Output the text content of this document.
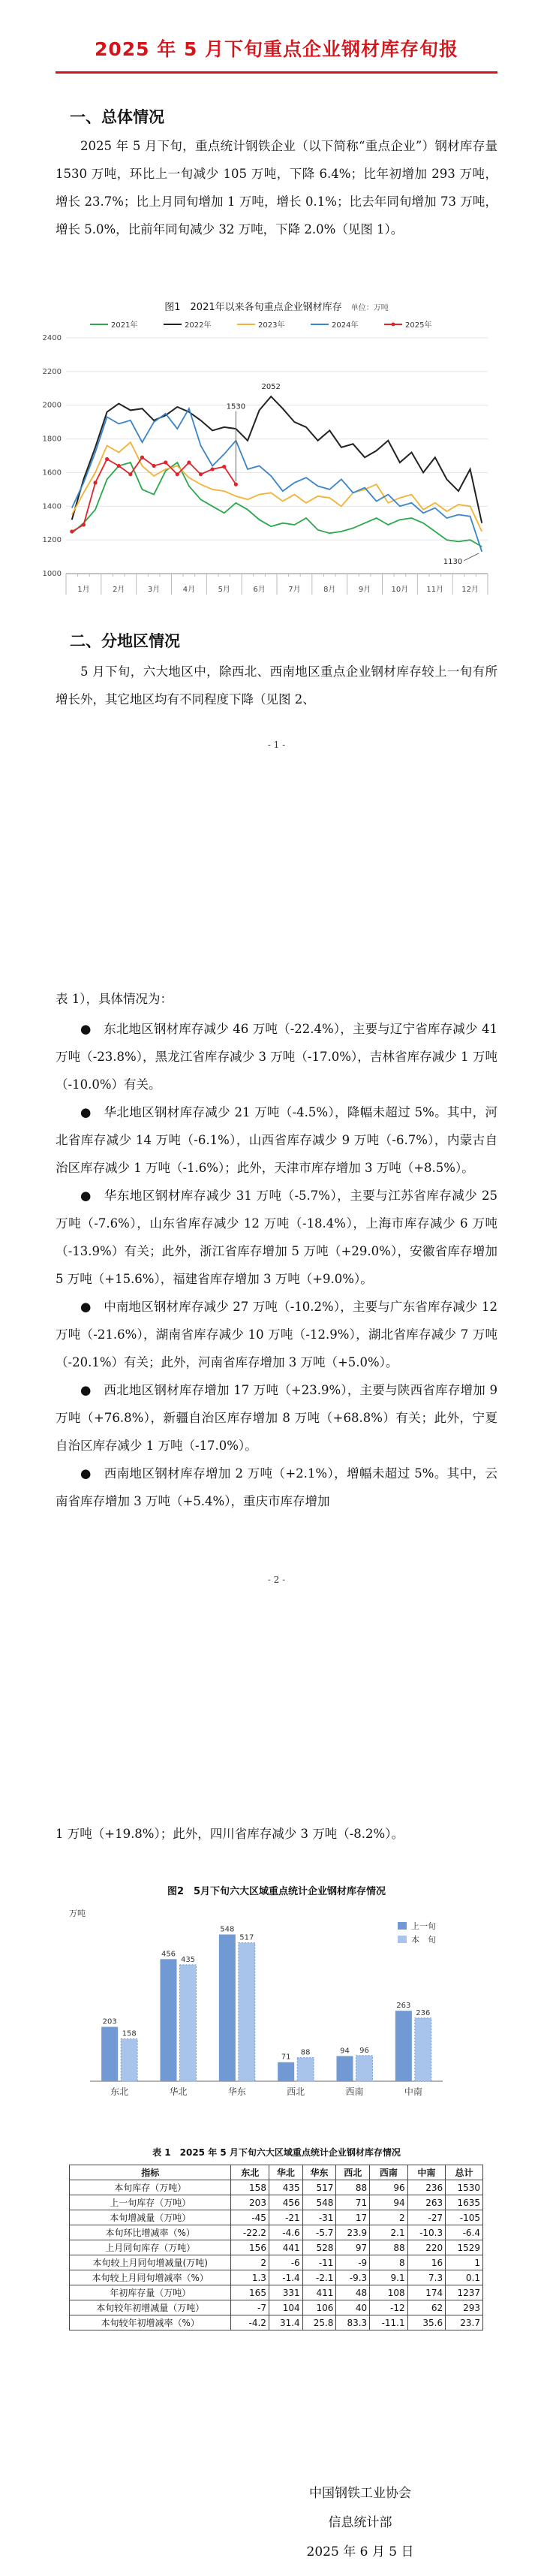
2025 年 5 月下旬重点企业钢材库存旬报
一、总体情况

2025 年 5 月下旬，重点统计钢铁企业（以下简称“重点企业”）钢材库存量 1530 万吨，环比上一旬减少 105 万吨，下降 6.4%；比年初增加 293 万吨，增长 23.7%；比上月同旬增加 1 万吨，增长 0.1%；比去年同旬增加 73 万吨，增长 5.0%，比前年同旬减少 32 万吨，下降 2.0%（见图 1）。

图1　2021年以来各旬重点企业钢材库存 单位：万吨
2021年	2022年	2023年	2024年	2025年
1000
1200
1400
1600
1800
2000
2200
2400
1月	2月	3月	4月	5月	6月	7月	8月	9月	10月 11月 12月
1530
2052
1130
二、分地区情况

5 月下旬，六大地区中，除西北、西南地区重点企业钢材库存较上一旬有所增长外，其它地区均有不同程度下降（见图 2、

- 1 -

表 1），具体情况为：

●　东北地区钢材库存减少 46 万吨（-22.4%），主要与辽宁省库存减少 41 万吨（-23.8%），黑龙江省库存减少 3 万吨（-17.0%），吉林省库存减少 1 万吨（-10.0%）有关。

●　华北地区钢材库存减少 21 万吨（-4.5%），降幅未超过 5%。其中，河北省库存减少 14 万吨（-6.1%），山西省库存减少 9 万吨（-6.7%），内蒙古自治区库存减少 1 万吨（-1.6%）；此外，天津市库存增加 3 万吨（+8.5%）。

●　华东地区钢材库存减少 31 万吨（-5.7%），主要与江苏省库存减少 25 万吨（-7.6%），山东省库存减少 12 万吨（-18.4%），上海市库存减少 6 万吨（-13.9%）有关；此外，浙江省库存增加 5 万吨（+29.0%），安徽省库存增加 5 万吨（+15.6%），福建省库存增加 3 万吨（+9.0%）。

●　中南地区钢材库存减少 27 万吨（-10.2%），主要与广东省库存减少 12 万吨（-21.6%），湖南省库存减少 10 万吨（-12.9%），湖北省库存减少 7 万吨（-20.1%）有关；此外，河南省库存增加 3 万吨（+5.0%）。

●　西北地区钢材库存增加 17 万吨（+23.9%），主要与陕西省库存增加 9 万吨（+76.8%），新疆自治区库存增加 8 万吨（+68.8%）有关；此外，宁夏自治区库存减少 1 万吨（-17.0%）。

●　西南地区钢材库存增加 2 万吨（+2.1%），增幅未超过 5%。其中，云南省库存增加 3 万吨（+5.4%），重庆市库存增加

- 2 -

1 万吨（+19.8%）；此外，四川省库存减少 3 万吨（-8.2%）。

图2　5月下旬六大区域重点统计企业钢材库存情况
万吨
上一旬
本　旬
203
158
东北
456
435
华北
548
517
华东
71
88
西北
94 96
西南
263
236
中南
表 1　2025 年 5 月下旬六大区域重点统计企业钢材库存情况
指标	东北	华北	华东	西北	西南	中南	总计
本旬库存（万吨）	158	435	517	88	96	236	1530
上一旬库存（万吨）	203	456	548	71	94	263	1635
本旬增减量（万吨）	-45	-21	-31	17	2	-27	-105
本旬环比增减率（%）	-22.2	-4.6	-5.7	23.9	2.1	-10.3	-6.4
上月同旬库存（万吨）	156	441	528	97	88	220	1529
本旬较上月同旬增减量(万吨)	2	-6	-11	-9	8	16	1
本旬较上月同旬增减率（%）	1.3	-1.4	-2.1	-9.3	9.1	7.3	0.1
年初库存量（万吨）	165	331	411	48	108	174	1237
本旬较年初增减量（万吨）	-7	104	106	40	-12	62	293
本旬较年初增减率（%）	-4.2	31.4	25.8	83.3	-11.1	35.6	23.7
中国钢铁工业协会
信息统计部
2025 年 6 月 5 日
